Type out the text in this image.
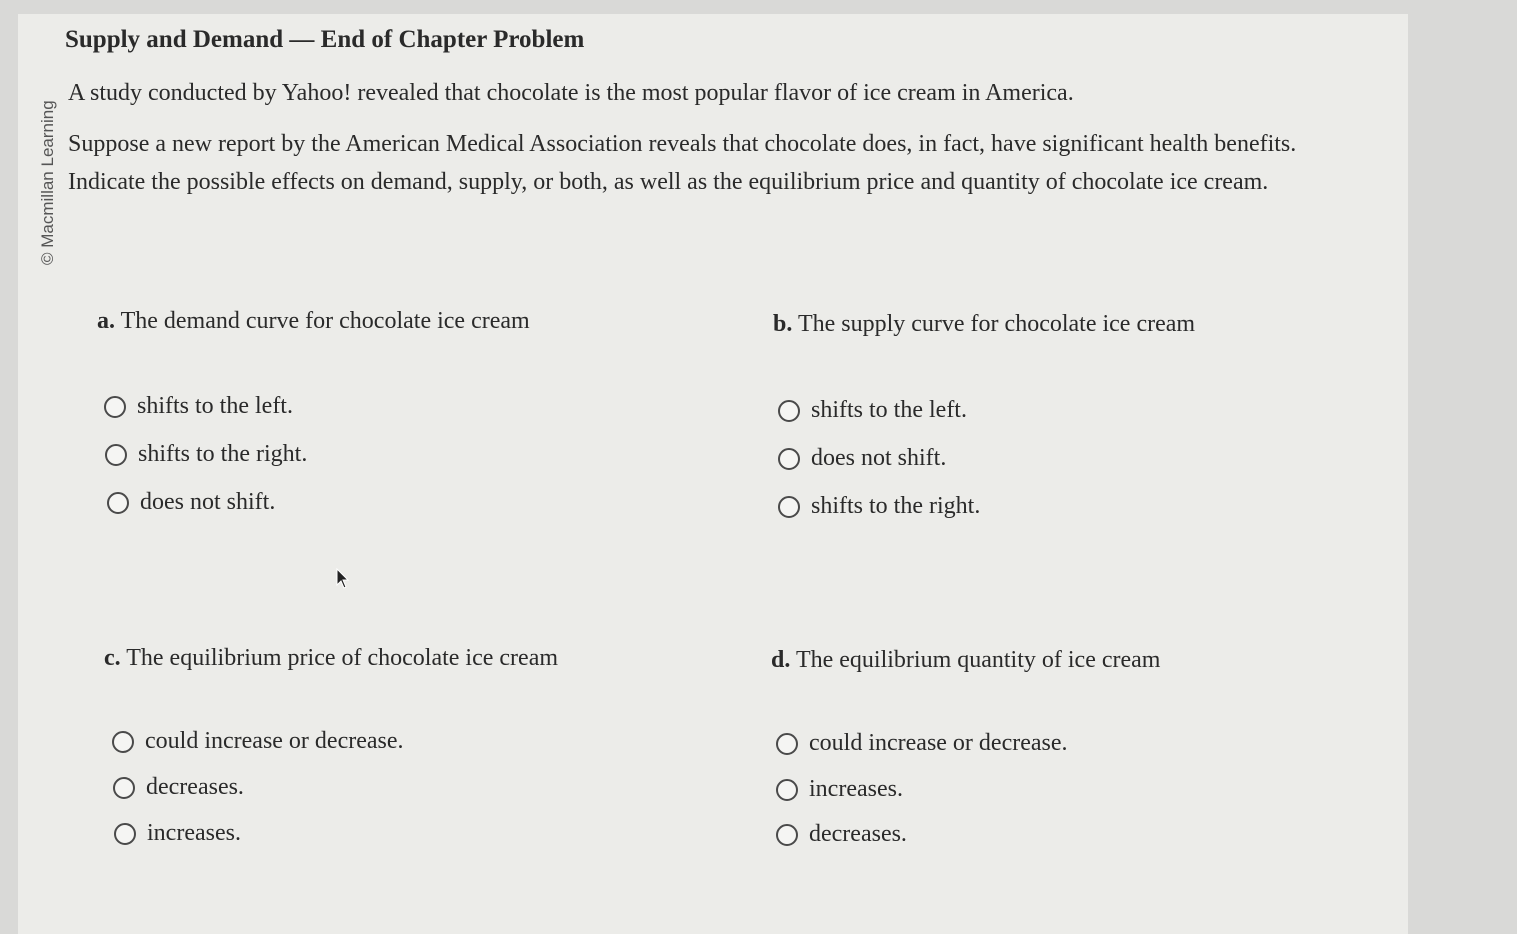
© Macmillan Learning
Supply and Demand — End of Chapter Problem
A study conducted by Yahoo! revealed that chocolate is the most popular flavor of ice cream in America.
Suppose a new report by the American Medical Association reveals that chocolate does, in fact, have significant health benefits.
Indicate the possible effects on demand, supply, or both, as well as the equilibrium price and quantity of chocolate ice cream.
a. The demand curve for chocolate ice cream
shifts to the left.
shifts to the right.
does not shift.
b. The supply curve for chocolate ice cream
shifts to the left.
does not shift.
shifts to the right.
c. The equilibrium price of chocolate ice cream
could increase or decrease.
decreases.
increases.
d. The equilibrium quantity of ice cream
could increase or decrease.
increases.
decreases.
